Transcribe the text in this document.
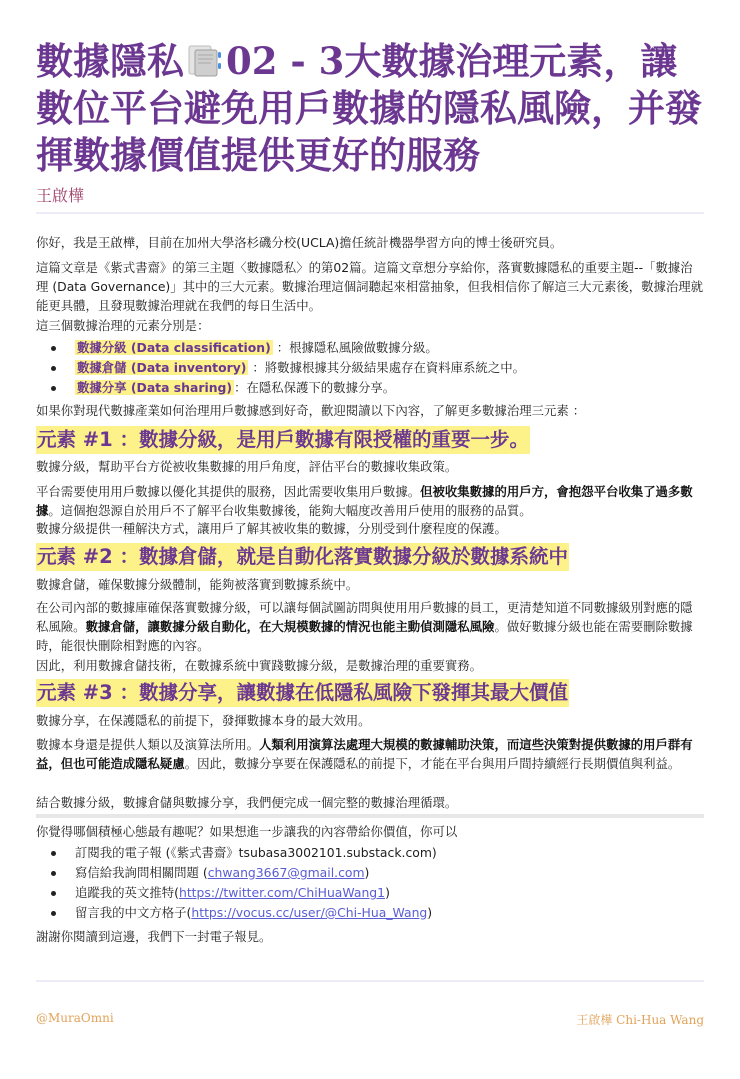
數據隱私 02 - 3大數據治理元素，讓數位平台避免用戶數據的隱私風險，并發揮數據價值提供更好的服務
王啟樺

你好，我是王啟樺，目前在加州大學洛杉磯分校(UCLA)擔任統計機器學習方向的博士後研究員。

這篇文章是《紫式書齋》的第三主題〈數據隱私〉的第02篇。這篇文章想分享給你，落實數據隱私的重要主題--「數據治理 (Data Governance)」其中的三大元素。數據治理這個詞聽起來相當抽象，但我相信你了解這三大元素後，數據治理就能更具體，且發現數據治理就在我們的每日生活中。

這三個數據治理的元素分別是：

數據分級 (Data classification) ：根據隱私風險做數據分級。
數據倉儲 (Data inventory) ：將數據根據其分級結果處存在資料庫系統之中。
數據分享 (Data sharing) ：在隱私保護下的數據分享。

如果你對現代數據產業如何治理用戶數據感到好奇，歡迎閱讀以下內容，了解更多數據治理三元素 ：

元素 #1 ：數據分級，是用戶數據有限授權的重要一步。

數據分級，幫助平台方從被收集數據的用戶角度，評估平台的數據收集政策。

平台需要使用用戶數據以優化其提供的服務，因此需要收集用戶數據。但被收集數據的用戶方，會抱怨平台收集了過多數據。這個抱怨源自於用戶不了解平台收集數據後，能夠大幅度改善用戶使用的服務的品質。

數據分級提供一種解決方式，讓用戶了解其被收集的數據，分別受到什麼程度的保護。

元素 #2 ：數據倉儲，就是自動化落實數據分級於數據系統中

數據倉儲，確保數據分級體制，能夠被落實到數據系統中。

在公司內部的數據庫確保落實數據分級，可以讓每個試圖訪問與使用用戶數據的員工，更清楚知道不同數據級別對應的隱私風險。數據倉儲，讓數據分級自動化，在大規模數據的情況也能主動偵測隱私風險。做好數據分級也能在需要刪除數據時，能很快刪除相對應的內容。

因此，利用數據倉儲技術，在數據系統中實踐數據分級，是數據治理的重要實務。

元素 #3 ：數據分享，讓數據在低隱私風險下發揮其最大價值

數據分享，在保護隱私的前提下，發揮數據本身的最大效用。

數據本身還是提供人類以及演算法所用。人類利用演算法處理大規模的數據輔助決策，而這些決策對提供數據的用戶群有益，但也可能造成隱私疑慮。因此，數據分享要在保護隱私的前提下，才能在平台與用戶間持續經行長期價值與利益。

結合數據分級，數據倉儲與數據分享，我們便完成一個完整的數據治理循環。

你覺得哪個積極心態最有趣呢？如果想進一步讓我的內容帶給你價值，你可以

訂閱我的電子報 (《紫式書齋》tsubasa3002101.substack.com)
寫信給我詢問相關問題 (chwang3667@gmail.com)
追蹤我的英文推特(https://twitter.com/ChiHuaWang1)
留言我的中文方格子(https://vocus.cc/user/@Chi-Hua_Wang)

謝謝你閱讀到這邊，我們下一封電子報見。

@MuraOmni	王啟樺 Chi-Hua Wang
